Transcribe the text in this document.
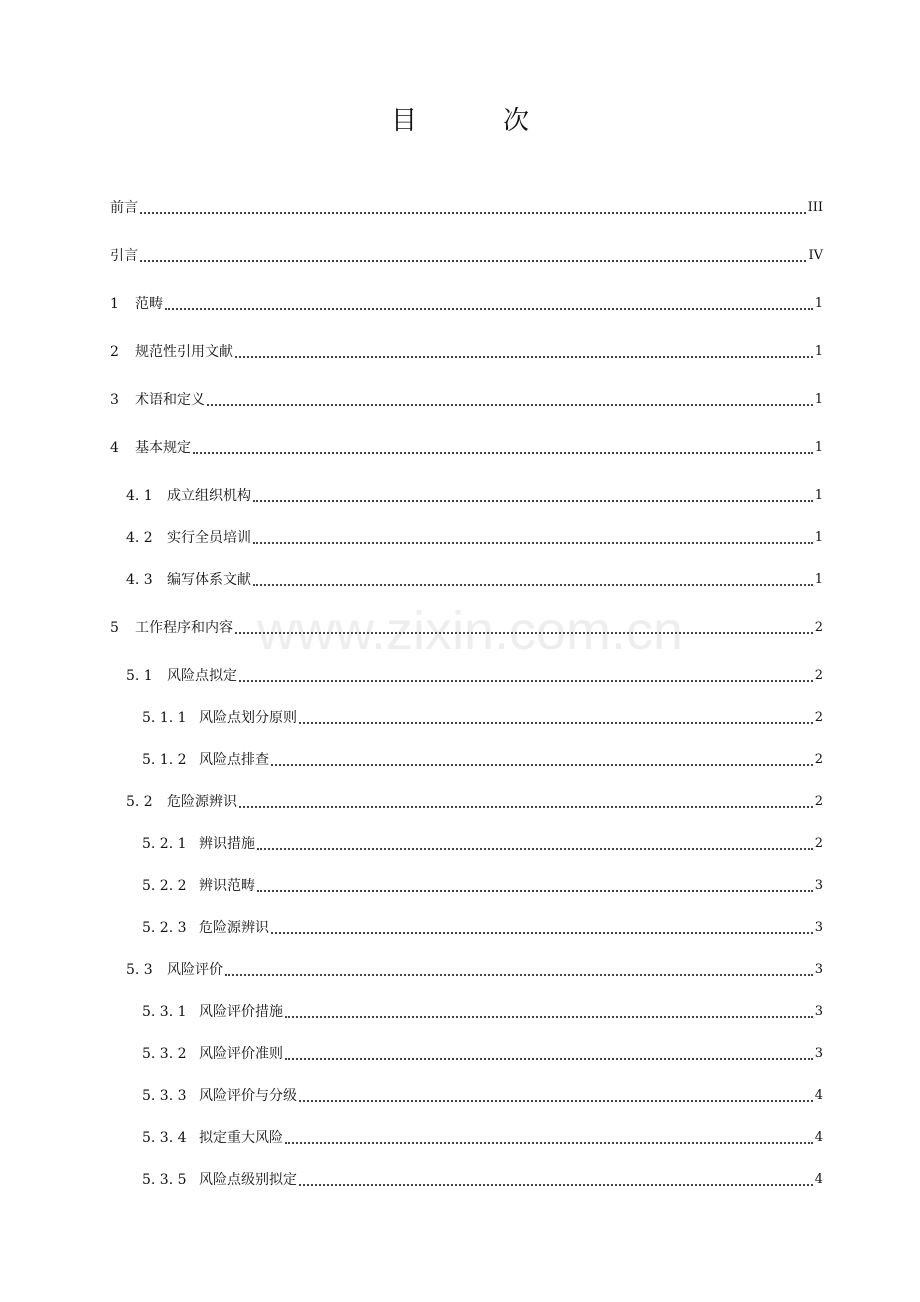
目　次
www.zixin.com.cn
前言	III
引言	IV
1	范畴	1
2	规范性引用文献	1
3	术语和定义	1
4	基本规定	1
4. 1	成立组织机构	1
4. 2	实行全员培训	1
4. 3	编写体系文献	1
5	工作程序和内容	2
5. 1	风险点拟定	2
5. 1. 1 风险点划分原则	2
5. 1. 2 风险点排查	2
5. 2	危险源辨识	2
5. 2. 1 辨识措施	2
5. 2. 2 辨识范畴	3
5. 2. 3 危险源辨识	3
5. 3	风险评价	3
5. 3. 1 风险评价措施	3
5. 3. 2 风险评价准则	3
5. 3. 3 风险评价与分级	4
5. 3. 4 拟定重大风险	4
5. 3. 5 风险点级别拟定	4
